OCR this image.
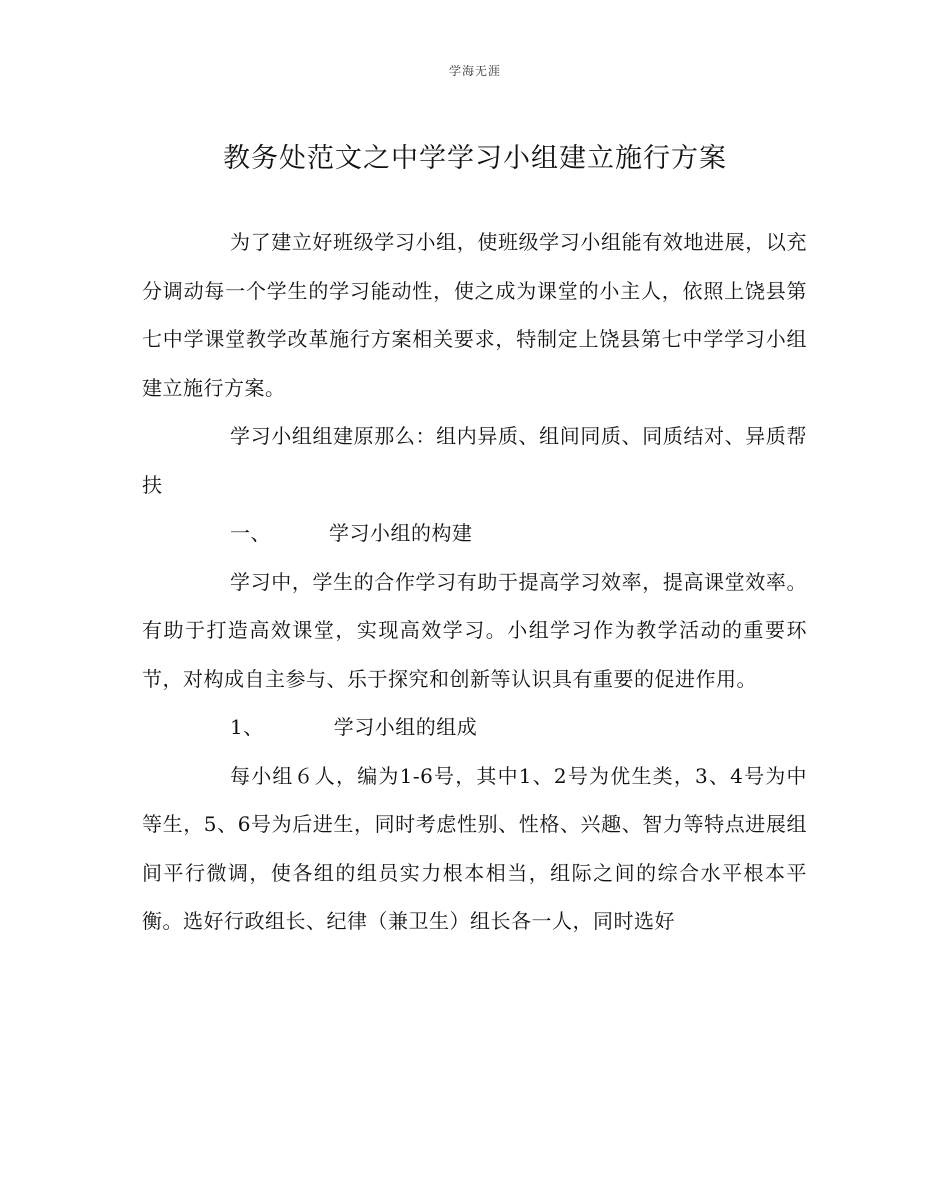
学海无涯
教务处范文之中学学习小组建立施行方案

为了建立好班级学习小组，使班级学习小组能有效地进展，以充分调动每一个学生的学习能动性，使之成为课堂的小主人，依照上饶县第七中学课堂教学改革施行方案相关要求，特制定上饶县第七中学学习小组建立施行方案。

学习小组组建原那么：组内异质、组间同质、同质结对、异质帮扶

一、	学习小组的构建

学习中，学生的合作学习有助于提高学习效率，提高课堂效率。有助于打造高效课堂，实现高效学习。小组学习作为教学活动的重要环节，对构成自主参与、乐于探究和创新等认识具有重要的促进作用。

1、	学习小组的组成

每小组６人，编为1-6号，其中1、2号为优生类，3、4号为中等生，5、6号为后进生，同时考虑性别、性格、兴趣、智力等特点进展组间平行微调，使各组的组员实力根本相当，组际之间的综合水平根本平衡。选好行政组长、纪律（兼卫生）组长各一人，同时选好
